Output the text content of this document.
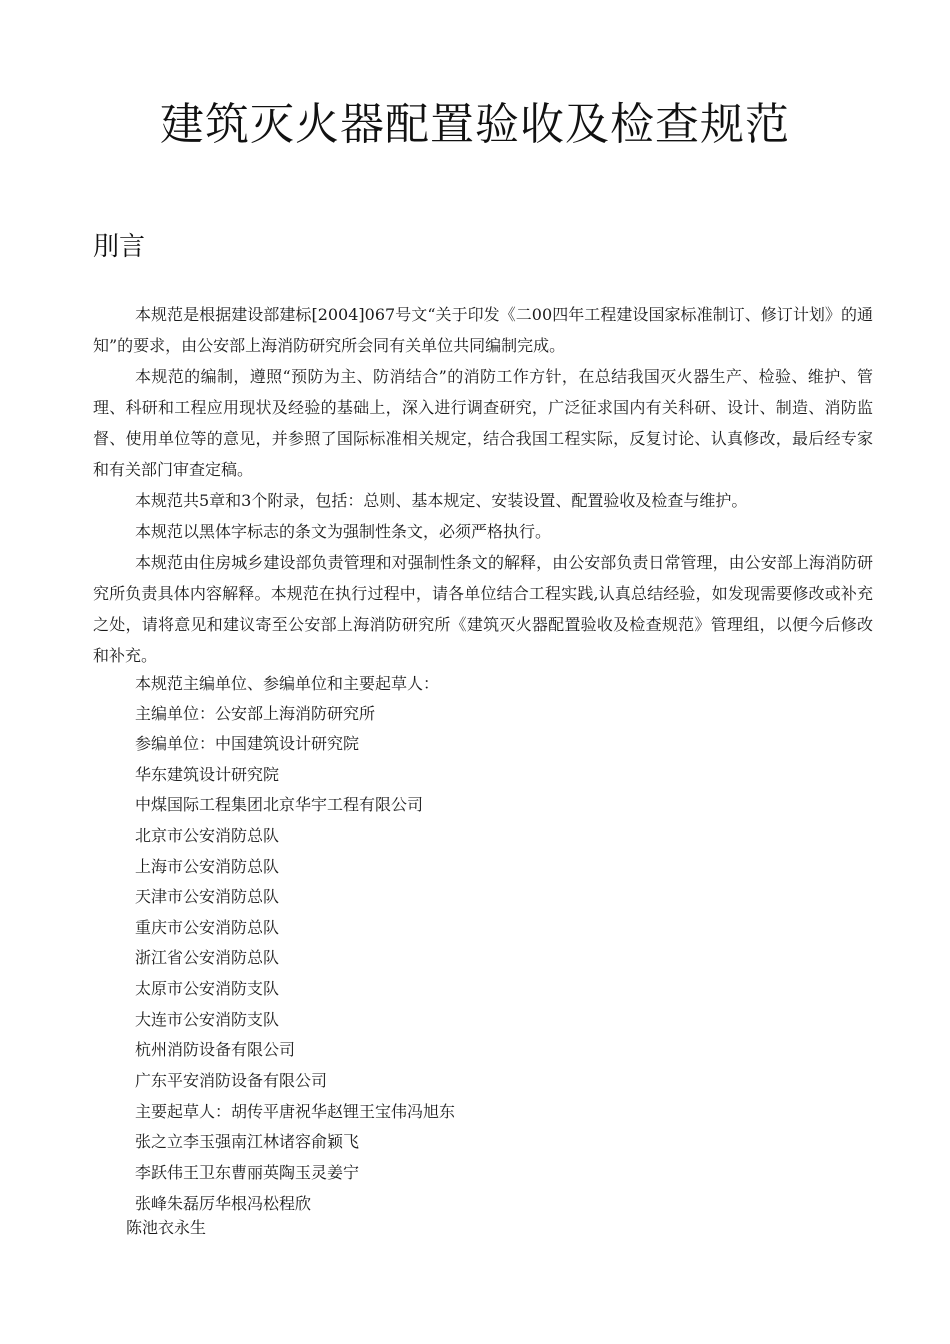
建筑灭火器配置验收及检查规范
刖言

本规范是根据建设部建标[2004]067号文“关于印发《二00四年工程建设国家标准制订、修订计划》的通知”的要求，由公安部上海消防研究所会同有关单位共同编制完成。

本规范的编制，遵照“预防为主、防消结合”的消防工作方针，在总结我国灭火器生产、检验、维护、管理、科研和工程应用现状及经验的基础上，深入进行调查研究，广泛征求国内有关科研、设计、制造、消防监督、使用单位等的意见，并参照了国际标准相关规定，结合我国工程实际，反复讨论、认真修改，最后经专家和有关部门审查定稿。

本规范共5章和3个附录，包括：总则、基本规定、安装设置、配置验收及检查与维护。

本规范以黑体字标志的条文为强制性条文，必须严格执行。

本规范由住房城乡建设部负责管理和对强制性条文的解释，由公安部负责日常管理，由公安部上海消防研究所负责具体内容解释。本规范在执行过程中，请各单位结合工程实践,认真总结经验，如发现需要修改或补充之处，请将意见和建议寄至公安部上海消防研究所《建筑灭火器配置验收及检查规范》管理组，以便今后修改和补充。

本规范主编单位、参编单位和主要起草人：
主编单位：公安部上海消防研究所
参编单位：中国建筑设计研究院
华东建筑设计研究院
中煤国际工程集团北京华宇工程有限公司
北京市公安消防总队
上海市公安消防总队
天津市公安消防总队
重庆市公安消防总队
浙江省公安消防总队
太原市公安消防支队
大连市公安消防支队
杭州消防设备有限公司
广东平安消防设备有限公司
主要起草人：胡传平唐祝华赵锂王宝伟冯旭东
张之立李玉强南江林诸容俞颖飞
李跃伟王卫东曹丽英陶玉灵姜宁
张峰朱磊厉华根冯松程欣
陈池衣永生
